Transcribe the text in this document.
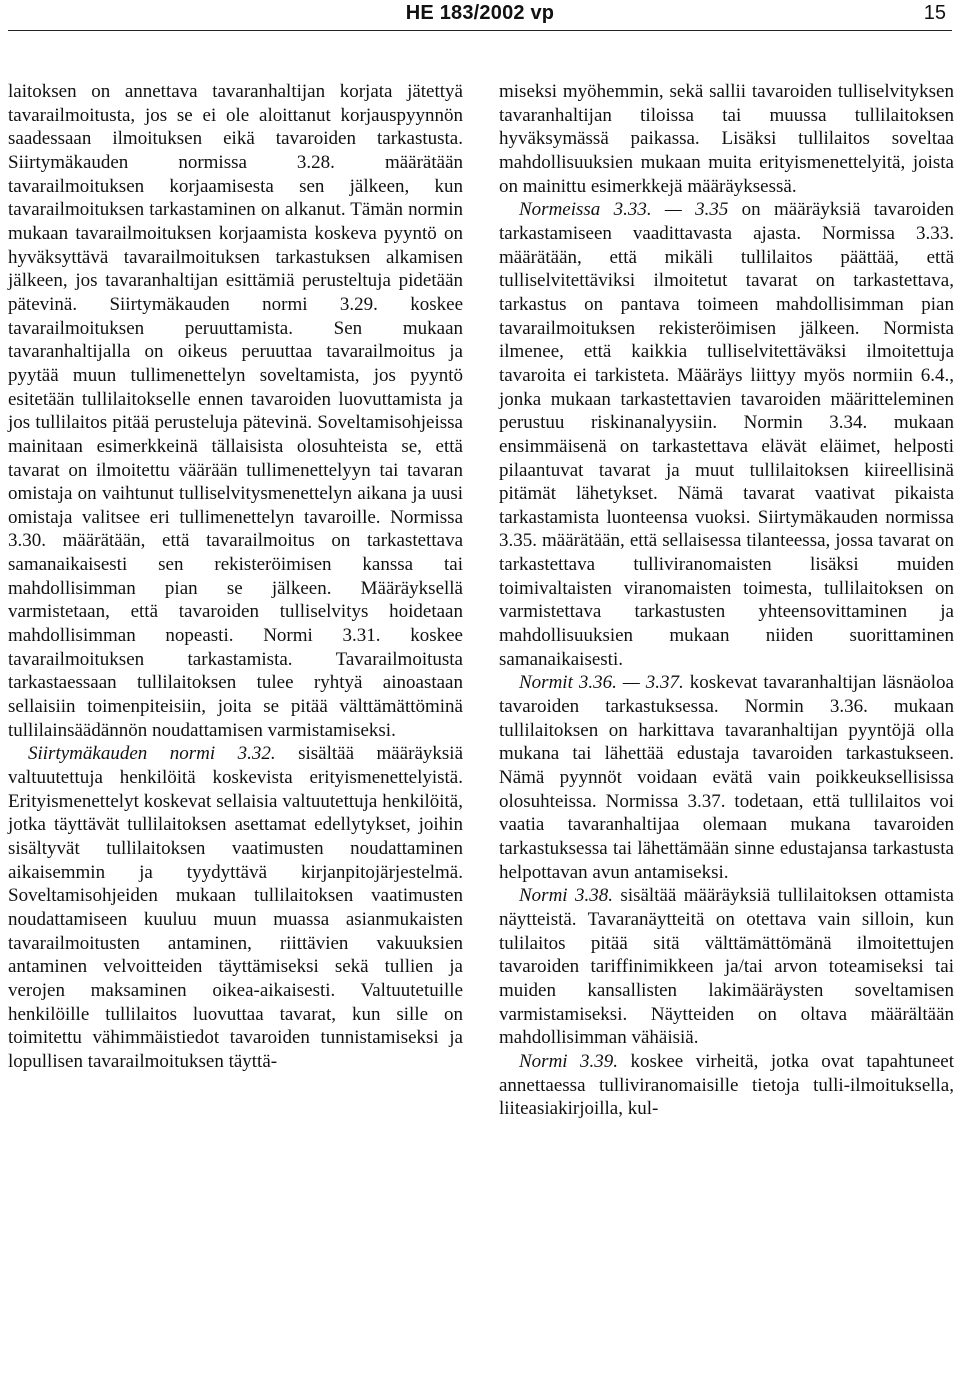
HE 183/2002 vp	15

laitoksen on annettava tavaranhaltijan korjata jätettyä tavarailmoitusta, jos se ei ole aloittanut korjauspyynnön saadessaan ilmoituksen eikä tavaroiden tarkastusta. Siirtymäkauden normissa 3.28. määrätään tavarailmoituksen korjaamisesta sen jälkeen, kun tavarailmoituksen tarkastaminen on alkanut. Tämän normin mukaan tavarailmoituksen korjaamista koskeva pyyntö on hyväksyttävä tavarailmoituksen tarkastuksen alkamisen jälkeen, jos tavaranhaltijan esittämiä perusteltuja pidetään pätevinä. Siirtymäkauden normi 3.29. koskee tavarailmoituksen peruuttamista. Sen mukaan tavaranhaltijalla on oikeus peruuttaa tavarailmoitus ja pyytää muun tullimenettelyn soveltamista, jos pyyntö esitetään tullilaitokselle ennen tavaroiden luovuttamista ja jos tullilaitos pitää perusteluja pätevinä. Soveltamisohjeissa mainitaan esimerkkeinä tällaisista olosuhteista se, että tavarat on ilmoitettu väärään tullimenettelyyn tai tavaran omistaja on vaihtunut tulliselvitysmenettelyn aikana ja uusi omistaja valitsee eri tullimenettelyn tavaroille. Normissa 3.30. määrätään, että tavarailmoitus on tarkastettava samanaikaisesti sen rekisteröimisen kanssa tai mahdollisimman pian se jälkeen. Määräyksellä varmistetaan, että tavaroiden tulliselvitys hoidetaan mahdollisimman nopeasti. Normi 3.31. koskee tavarailmoituksen tarkastamista. Tavarailmoitusta tarkastaessaan tullilaitoksen tulee ryhtyä ainoastaan sellaisiin toimenpiteisiin, joita se pitää välttämättöminä tullilainsäädännön noudattamisen varmistamiseksi.

Siirtymäkauden normi 3.32. sisältää määräyksiä valtuutettuja henkilöitä koskevista erityismenettelyistä. Erityismenettelyt koskevat sellaisia valtuutettuja henkilöitä, jotka täyttävät tullilaitoksen asettamat edellytykset, joihin sisältyvät tullilaitoksen vaatimusten noudattaminen aikaisemmin ja tyydyttävä kirjanpitojärjestelmä. Soveltamisohjeiden mukaan tullilaitoksen vaatimusten noudattamiseen kuuluu muun muassa asianmukaisten tavarailmoitusten antaminen, riittävien vakuuksien antaminen velvoitteiden täyttämiseksi sekä tullien ja verojen maksaminen oikea-aikaisesti. Valtuutetuille henkilöille tullilaitos luovuttaa tavarat, kun sille on toimitettu vähimmäistiedot tavaroiden tunnistamiseksi ja lopullisen tavarailmoituksen täyttä-

miseksi myöhemmin, sekä sallii tavaroiden tulliselvityksen tavaranhaltijan tiloissa tai muussa tullilaitoksen hyväksymässä paikassa. Lisäksi tullilaitos soveltaa mahdollisuuksien mukaan muita erityismenettelyitä, joista on mainittu esimerkkejä määräyksessä.

Normeissa 3.33. — 3.35 on määräyksiä tavaroiden tarkastamiseen vaadittavasta ajasta. Normissa 3.33. määrätään, että mikäli tullilaitos päättää, että tulliselvitettäviksi ilmoitetut tavarat on tarkastettava, tarkastus on pantava toimeen mahdollisimman pian tavarailmoituksen rekisteröimisen jälkeen. Normista ilmenee, että kaikkia tulliselvitettäväksi ilmoitettuja tavaroita ei tarkisteta. Määräys liittyy myös normiin 6.4., jonka mukaan tarkastettavien tavaroiden määritteleminen perustuu riskinanalyysiin. Normin 3.34. mukaan ensimmäisenä on tarkastettava elävät eläimet, helposti pilaantuvat tavarat ja muut tullilaitoksen kiireellisinä pitämät lähetykset. Nämä tavarat vaativat pikaista tarkastamista luonteensa vuoksi. Siirtymäkauden normissa 3.35. määrätään, että sellaisessa tilanteessa, jossa tavarat on tarkastettava tulliviranomaisten lisäksi muiden toimivaltaisten viranomaisten toimesta, tullilaitoksen on varmistettava tarkastusten yhteensovittaminen ja mahdollisuuksien mukaan niiden suorittaminen samanaikaisesti.

Normit 3.36. — 3.37. koskevat tavaranhaltijan läsnäoloa tavaroiden tarkastuksessa. Normin 3.36. mukaan tullilaitoksen on harkittava tavaranhaltijan pyyntöjä olla mukana tai lähettää edustaja tavaroiden tarkastukseen. Nämä pyynnöt voidaan evätä vain poikkeuksellisissa olosuhteissa. Normissa 3.37. todetaan, että tullilaitos voi vaatia tavaranhaltijaa olemaan mukana tavaroiden tarkastuksessa tai lähettämään sinne edustajansa tarkastusta helpottavan avun antamiseksi.

Normi 3.38. sisältää määräyksiä tullilaitoksen ottamista näytteistä. Tavaranäytteitä on otettava vain silloin, kun tulilaitos pitää sitä välttämättömänä ilmoitettujen tavaroiden tariffinimikkeen ja/tai arvon toteamiseksi tai muiden kansallisten lakimääräysten soveltamisen varmistamiseksi. Näytteiden on oltava määrältään mahdollisimman vähäisiä.

Normi 3.39. koskee virheitä, jotka ovat tapahtuneet annettaessa tulliviranomaisille tietoja tulli-ilmoituksella, liiteasiakirjoilla, kul-
